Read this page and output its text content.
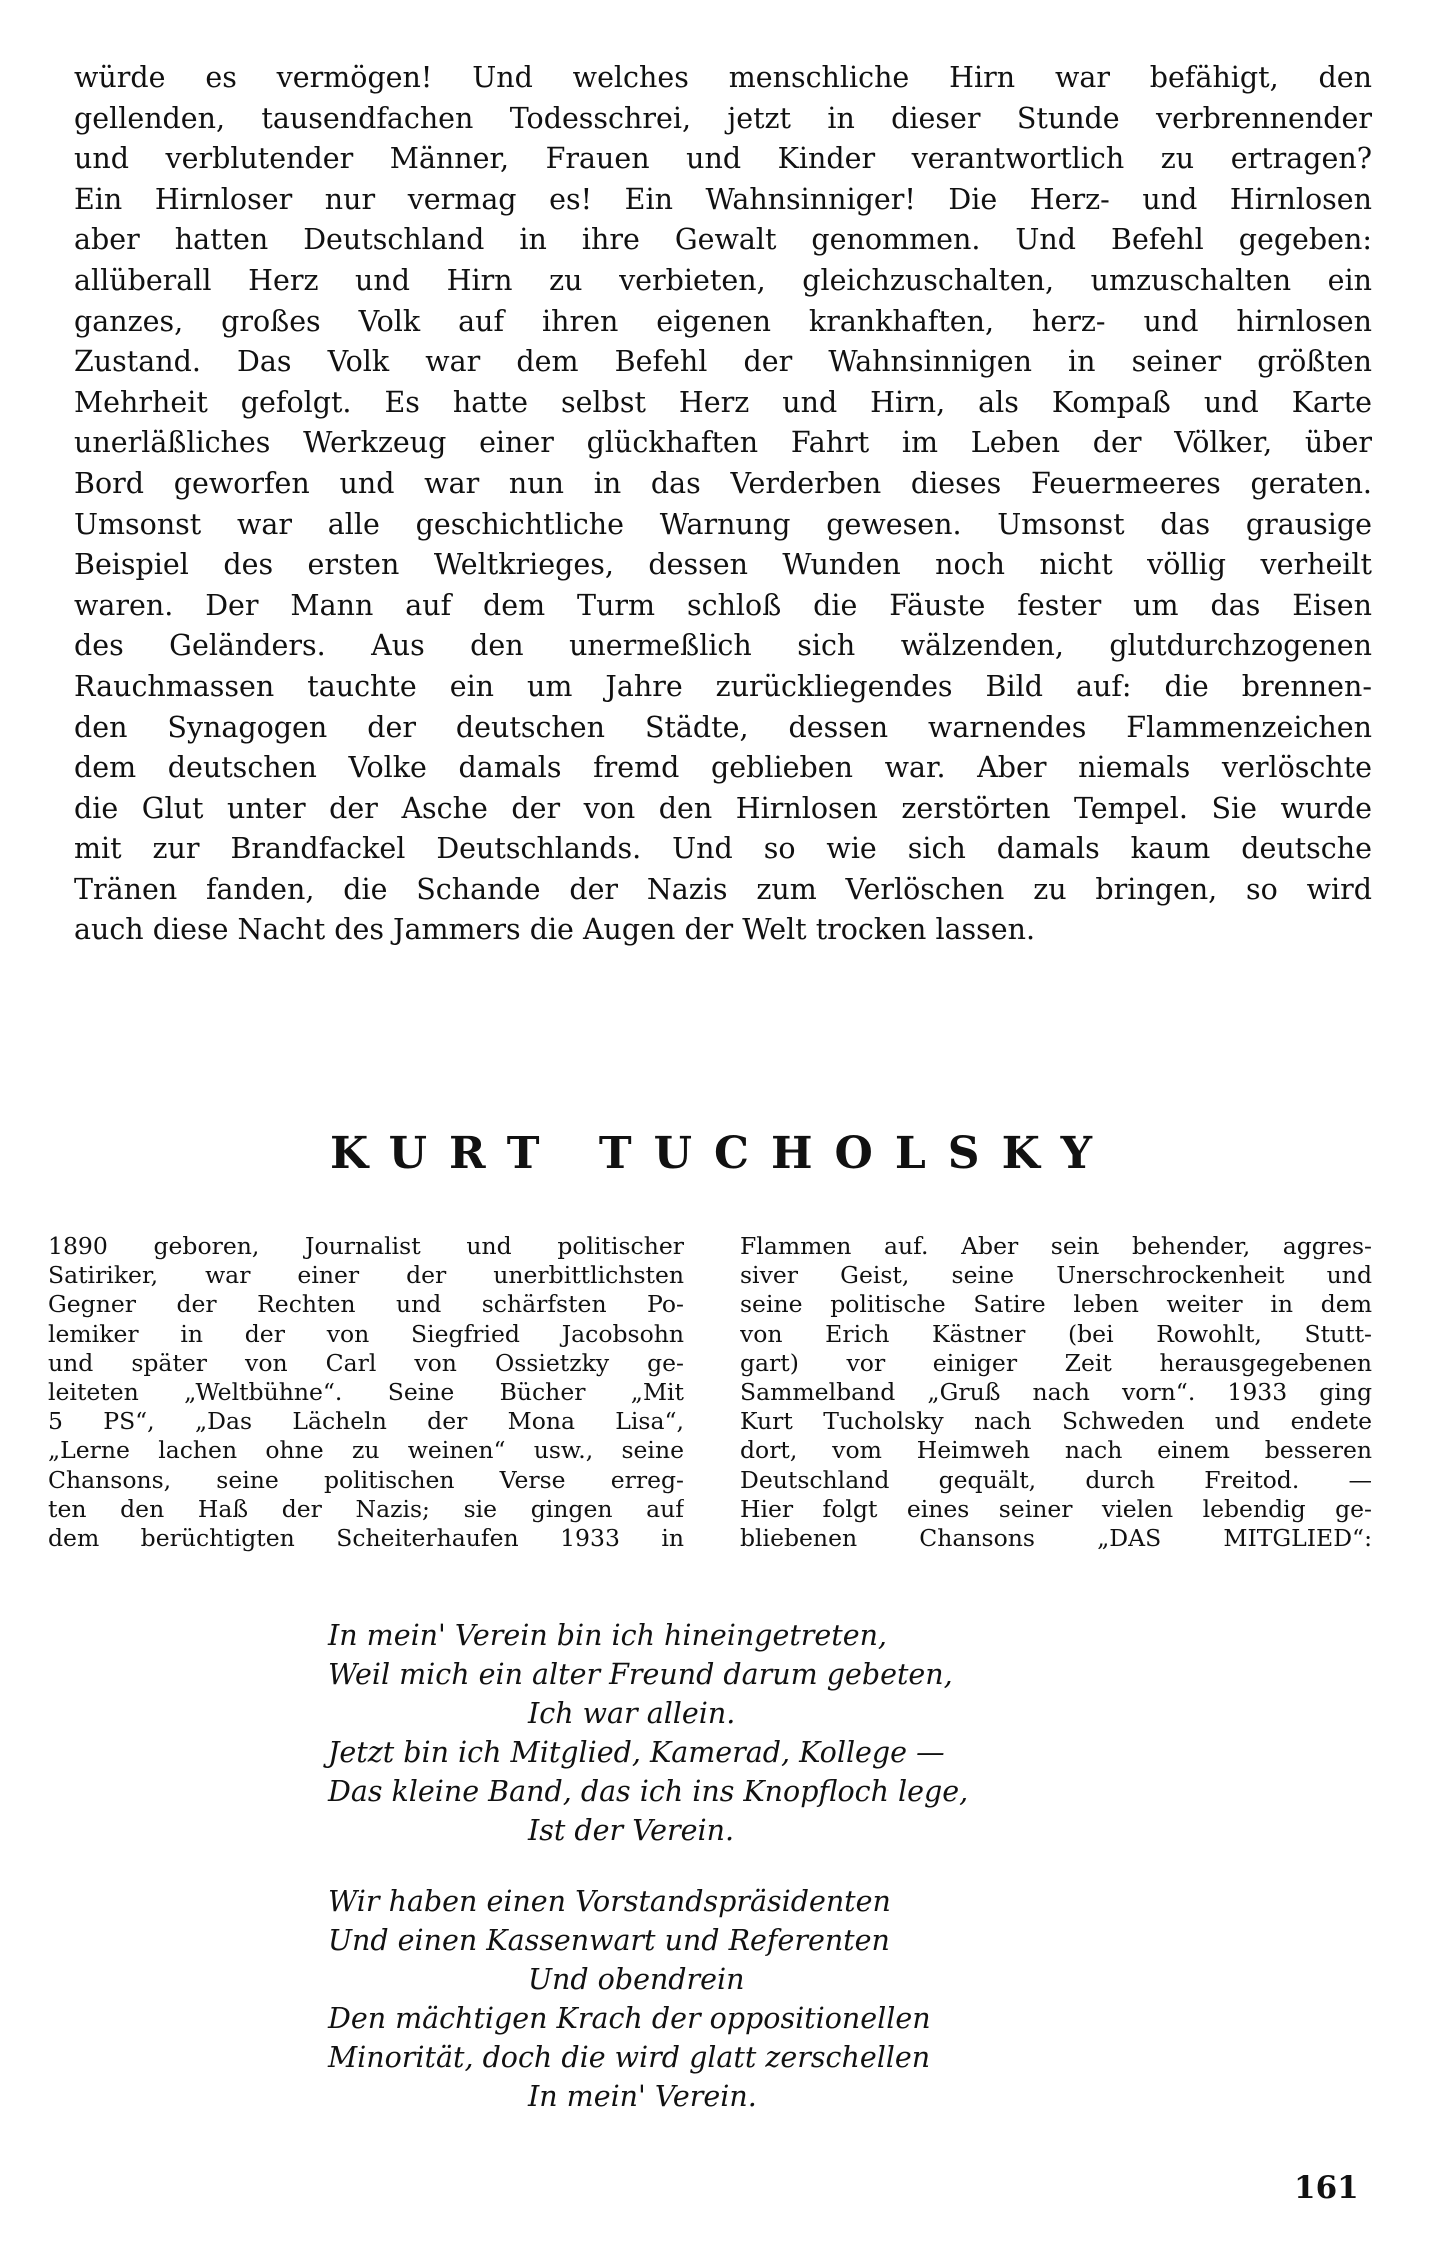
würde es vermögen! Und welches menschliche Hirn war befähigt, den
gellenden, tausendfachen Todesschrei, jetzt in dieser Stunde verbrennender
und verblutender Männer, Frauen und Kinder verantwortlich zu ertragen?
Ein Hirnloser nur vermag es! Ein Wahnsinniger! Die Herz- und Hirnlosen
aber hatten Deutschland in ihre Gewalt genommen. Und Befehl gegeben:
allüberall Herz und Hirn zu verbieten, gleichzuschalten, umzuschalten ein
ganzes, großes Volk auf ihren eigenen krankhaften, herz- und hirnlosen
Zustand. Das Volk war dem Befehl der Wahnsinnigen in seiner größten
Mehrheit gefolgt. Es hatte selbst Herz und Hirn, als Kompaß und Karte
unerläßliches Werkzeug einer glückhaften Fahrt im Leben der Völker, über
Bord geworfen und war nun in das Verderben dieses Feuermeeres geraten.
Umsonst war alle geschichtliche Warnung gewesen. Umsonst das grausige
Beispiel des ersten Weltkrieges, dessen Wunden noch nicht völlig verheilt
waren. Der Mann auf dem Turm schloß die Fäuste fester um das Eisen
des Geländers. Aus den unermeßlich sich wälzenden, glutdurchzogenen
Rauchmassen tauchte ein um Jahre zurückliegendes Bild auf: die brennen-
den Synagogen der deutschen Städte, dessen warnendes Flammenzeichen
dem deutschen Volke damals fremd geblieben war. Aber niemals verlöschte
die Glut unter der Asche der von den Hirnlosen zerstörten Tempel. Sie wurde
mit zur Brandfackel Deutschlands. Und so wie sich damals kaum deutsche
Tränen fanden, die Schande der Nazis zum Verlöschen zu bringen, so wird
auch diese Nacht des Jammers die Augen der Welt trocken lassen.
KURT TUCHOLSKY
1890 geboren, Journalist und politischer
Satiriker, war einer der unerbittlichsten
Gegner der Rechten und schärfsten Po-
lemiker in der von Siegfried Jacobsohn
und später von Carl von Ossietzky ge-
leiteten „Weltbühne“. Seine Bücher „Mit
5 PS“, „Das Lächeln der Mona Lisa“,
„Lerne lachen ohne zu weinen“ usw., seine
Chansons, seine politischen Verse erreg-
ten den Haß der Nazis; sie gingen auf
dem berüchtigten Scheiterhaufen 1933 in
Flammen auf. Aber sein behender, aggres-
siver Geist, seine Unerschrockenheit und
seine politische Satire leben weiter in dem
von Erich Kästner (bei Rowohlt, Stutt-
gart) vor einiger Zeit herausgegebenen
Sammelband „Gruß nach vorn“. 1933 ging
Kurt Tucholsky nach Schweden und endete
dort, vom Heimweh nach einem besseren
Deutschland gequält, durch Freitod. —
Hier folgt eines seiner vielen lebendig ge-
bliebenen Chansons „DAS MITGLIED“:
In mein' Verein bin ich hineingetreten,
Weil mich ein alter Freund darum gebeten,
Ich war allein.
Jetzt bin ich Mitglied, Kamerad, Kollege —
Das kleine Band, das ich ins Knopfloch lege,
Ist der Verein.
Wir haben einen Vorstandspräsidenten
Und einen Kassenwart und Referenten
Und obendrein
Den mächtigen Krach der oppositionellen
Minorität, doch die wird glatt zerschellen
In mein' Verein.
161
